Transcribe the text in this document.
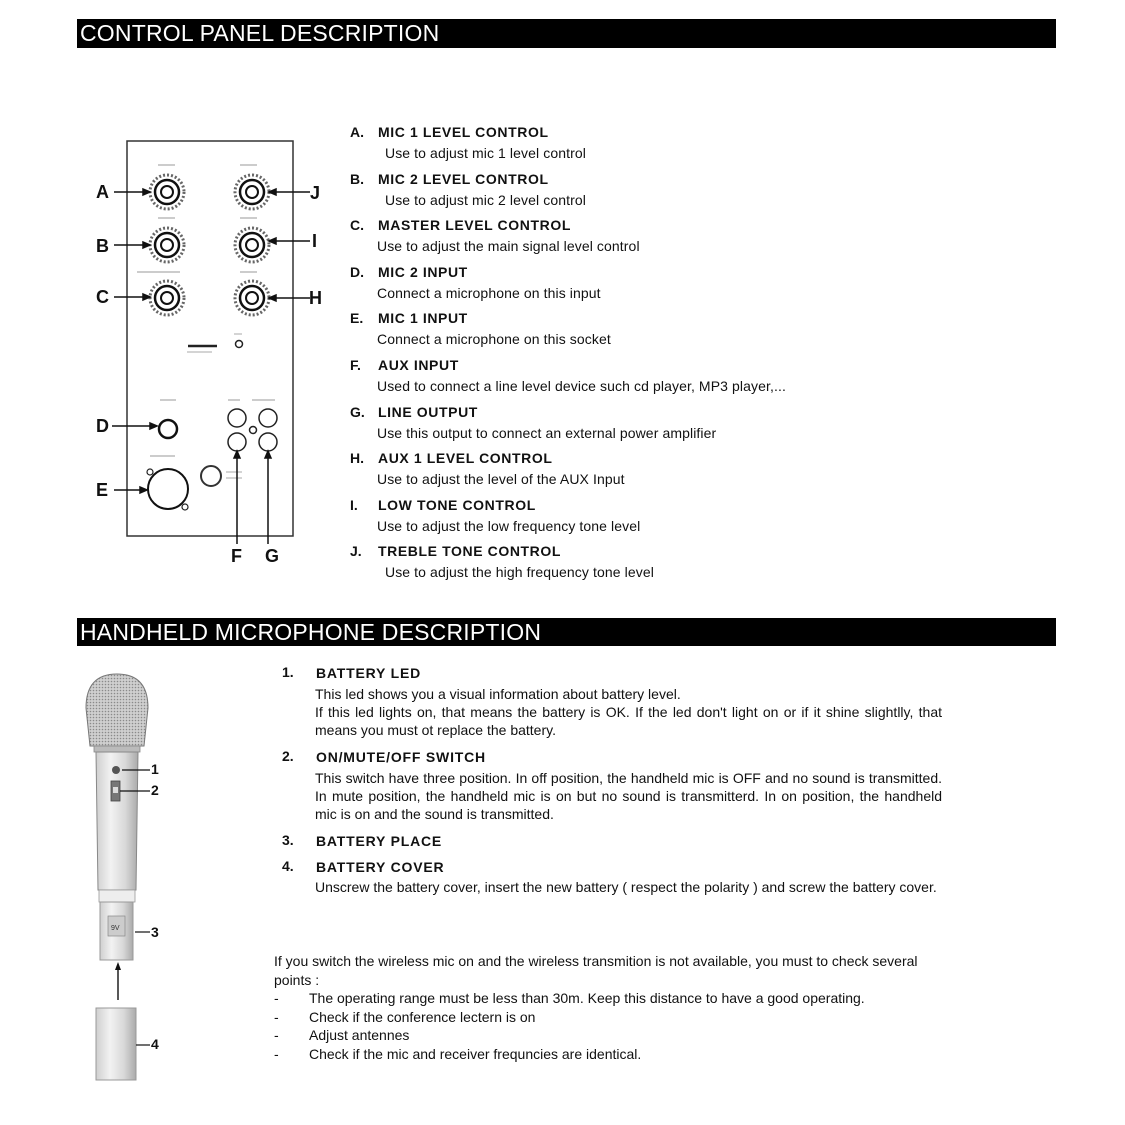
CONTROL PANEL DESCRIPTION
A
B
C
D
E
F G
H
I
J
A. MIC 1 LEVEL CONTROL
Use to adjust mic 1 level control
B. MIC 2 LEVEL CONTROL
Use to adjust mic 2 level control
C. MASTER LEVEL CONTROL
Use to adjust the main signal level control
D. MIC 2 INPUT
Connect a microphone on this input
E. MIC 1 INPUT
Connect a microphone on this socket
F. AUX INPUT
Used to connect a line level device such cd player, MP3 player,...
G. LINE OUTPUT
Use this output to connect an external power amplifier
H. AUX 1 LEVEL CONTROL
Use to adjust the level of the AUX Input
I. LOW TONE CONTROL
Use to adjust the low frequency tone level
J. TREBLE TONE CONTROL
Use to adjust the high frequency tone level
HANDHELD MICROPHONE DESCRIPTION
9V
1
2
3
4
1. BATTERY LED
This led shows you a visual information about battery level.
If this led lights on, that means the battery is OK. If the led don't light on or if it shine slightlly, that means you must ot replace the battery.
2. ON/MUTE/OFF SWITCH
This switch have three position. In off position, the handheld mic is OFF and no sound is transmitted. In mute position, the handheld mic is on but no sound is transmitterd. In on position, the handheld mic is on and the sound is transmitted.
3. BATTERY PLACE
4. BATTERY COVER
Unscrew the battery cover, insert the new battery ( respect the polarity ) and screw the battery cover.

If you switch the wireless mic on and the wireless transmition is not available, you must to check several points :

- The operating range must be less than 30m. Keep this distance to have a good operating.
- Check if the conference lectern is on
- Adjust antennes
- Check if the mic and receiver frequncies are identical.
